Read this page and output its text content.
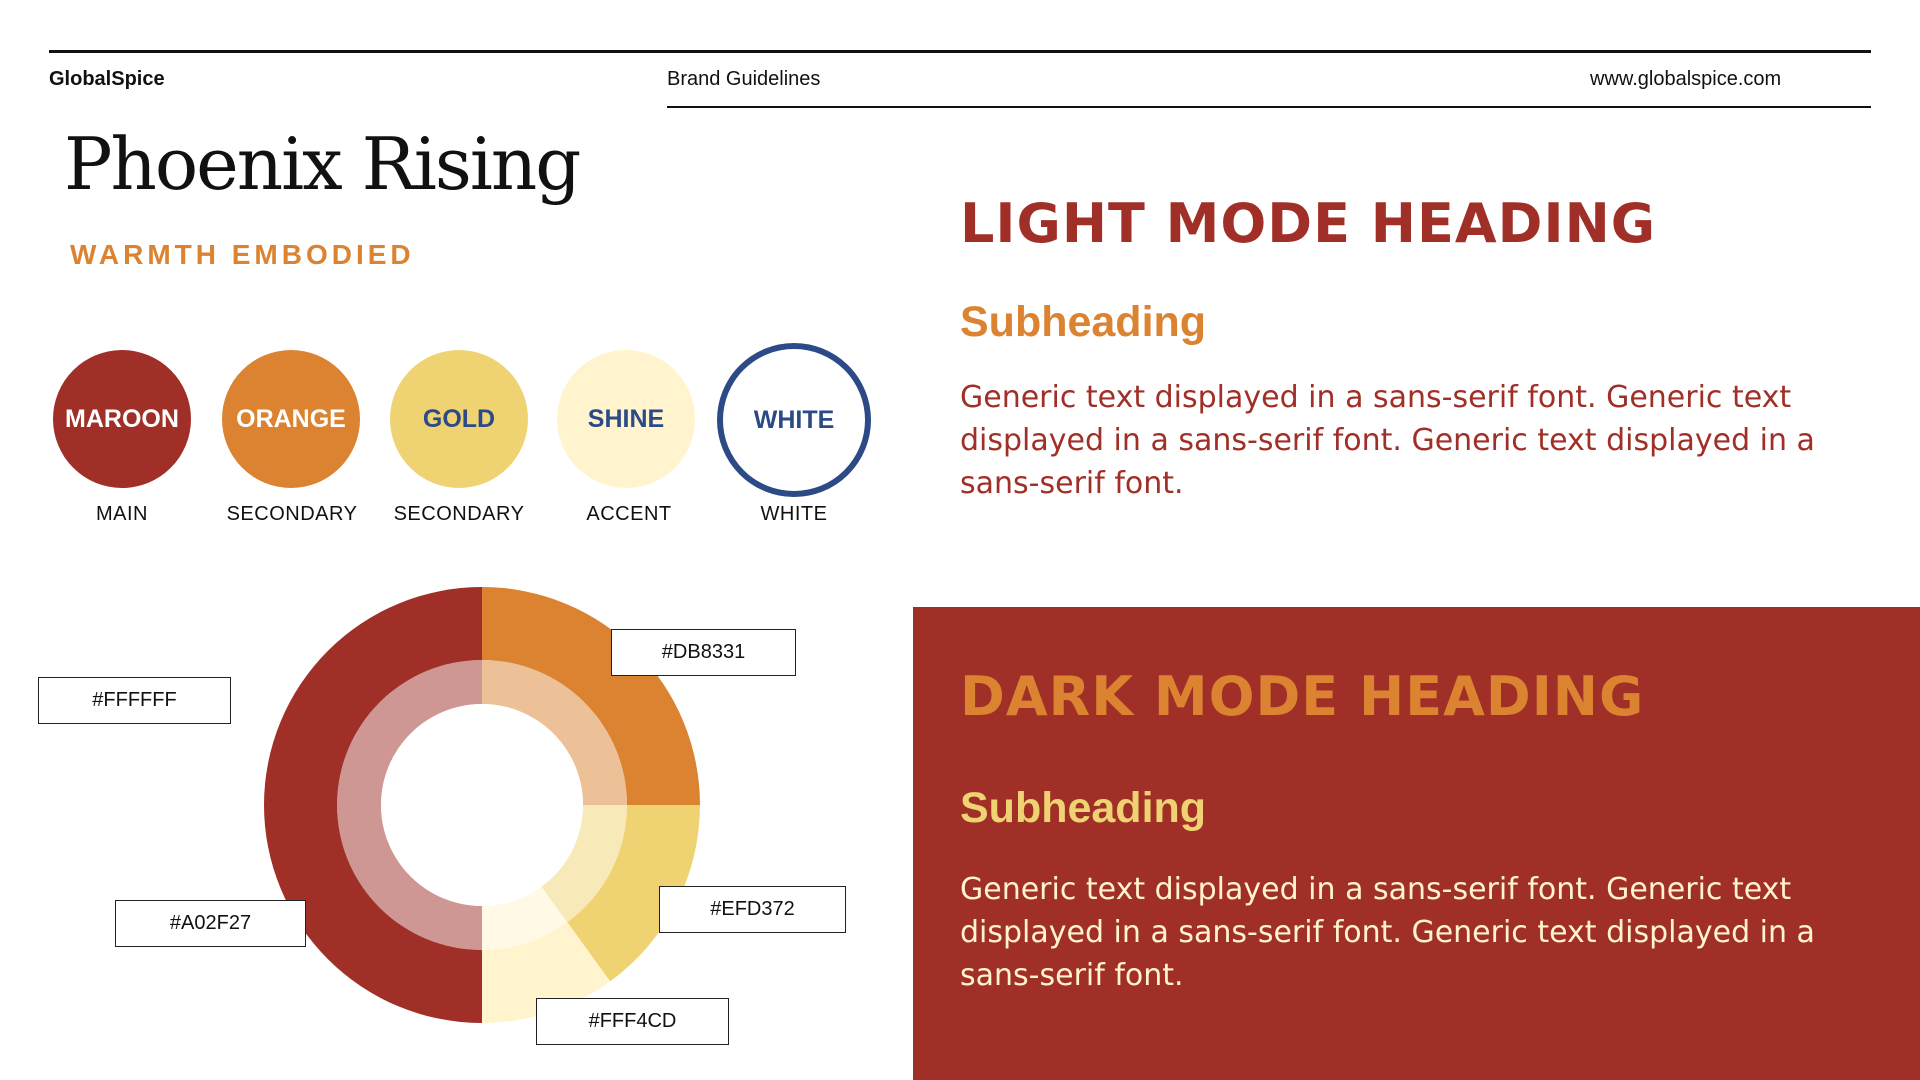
GlobalSpice	Brand Guidelines	www.globalspice.com
Phoenix Rising
WARMTH EMBODIED
MAROON
MAIN
ORANGE
SECONDARY
GOLD
SECONDARY
SHINE
ACCENT
WHITE
WHITE
#DB8331
#FFFFFF
#EFD372
#A02F27
#FFF4CD
LIGHT MODE HEADING
Subheading
Generic text displayed in a sans-serif font. Generic text displayed in a sans-serif font. Generic text displayed in a sans-serif font.
DARK MODE HEADING
Subheading
Generic text displayed in a sans-serif font. Generic text displayed in a sans-serif font. Generic text displayed in a sans-serif font.
